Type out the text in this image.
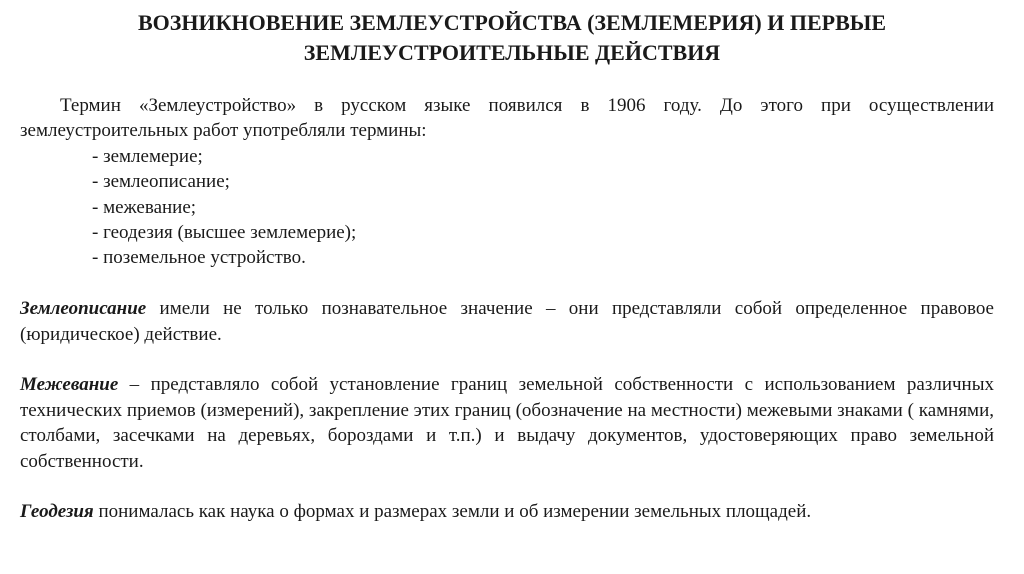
ВОЗНИКНОВЕНИЕ ЗЕМЛЕУСТРОЙСТВА (ЗЕМЛЕМЕРИЯ) И ПЕРВЫЕ
ЗЕМЛЕУСТРОИТЕЛЬНЫЕ ДЕЙСТВИЯ

Термин «Землеустройство» в русском языке появился в 1906 году. До этого при осуществлении землеустроительных работ употребляли термины:

- землемерие;
- землеописание;
- межевание;
- геодезия (высшее землемерие);
- поземельное устройство.

Землеописание имели не только познавательное значение – они представляли собой определенное правовое (юридическое) действие.

Межевание – представляло собой установление границ земельной собственности с использованием различных технических приемов (измерений), закрепление этих границ (обозначение на местности) межевыми знаками ( камнями, столбами, засечками на деревьях, бороздами и т.п.) и выдачу документов, удостоверяющих право земельной собственности.

Геодезия понималась как наука о формах и размерах земли и об измерении земельных площадей.
